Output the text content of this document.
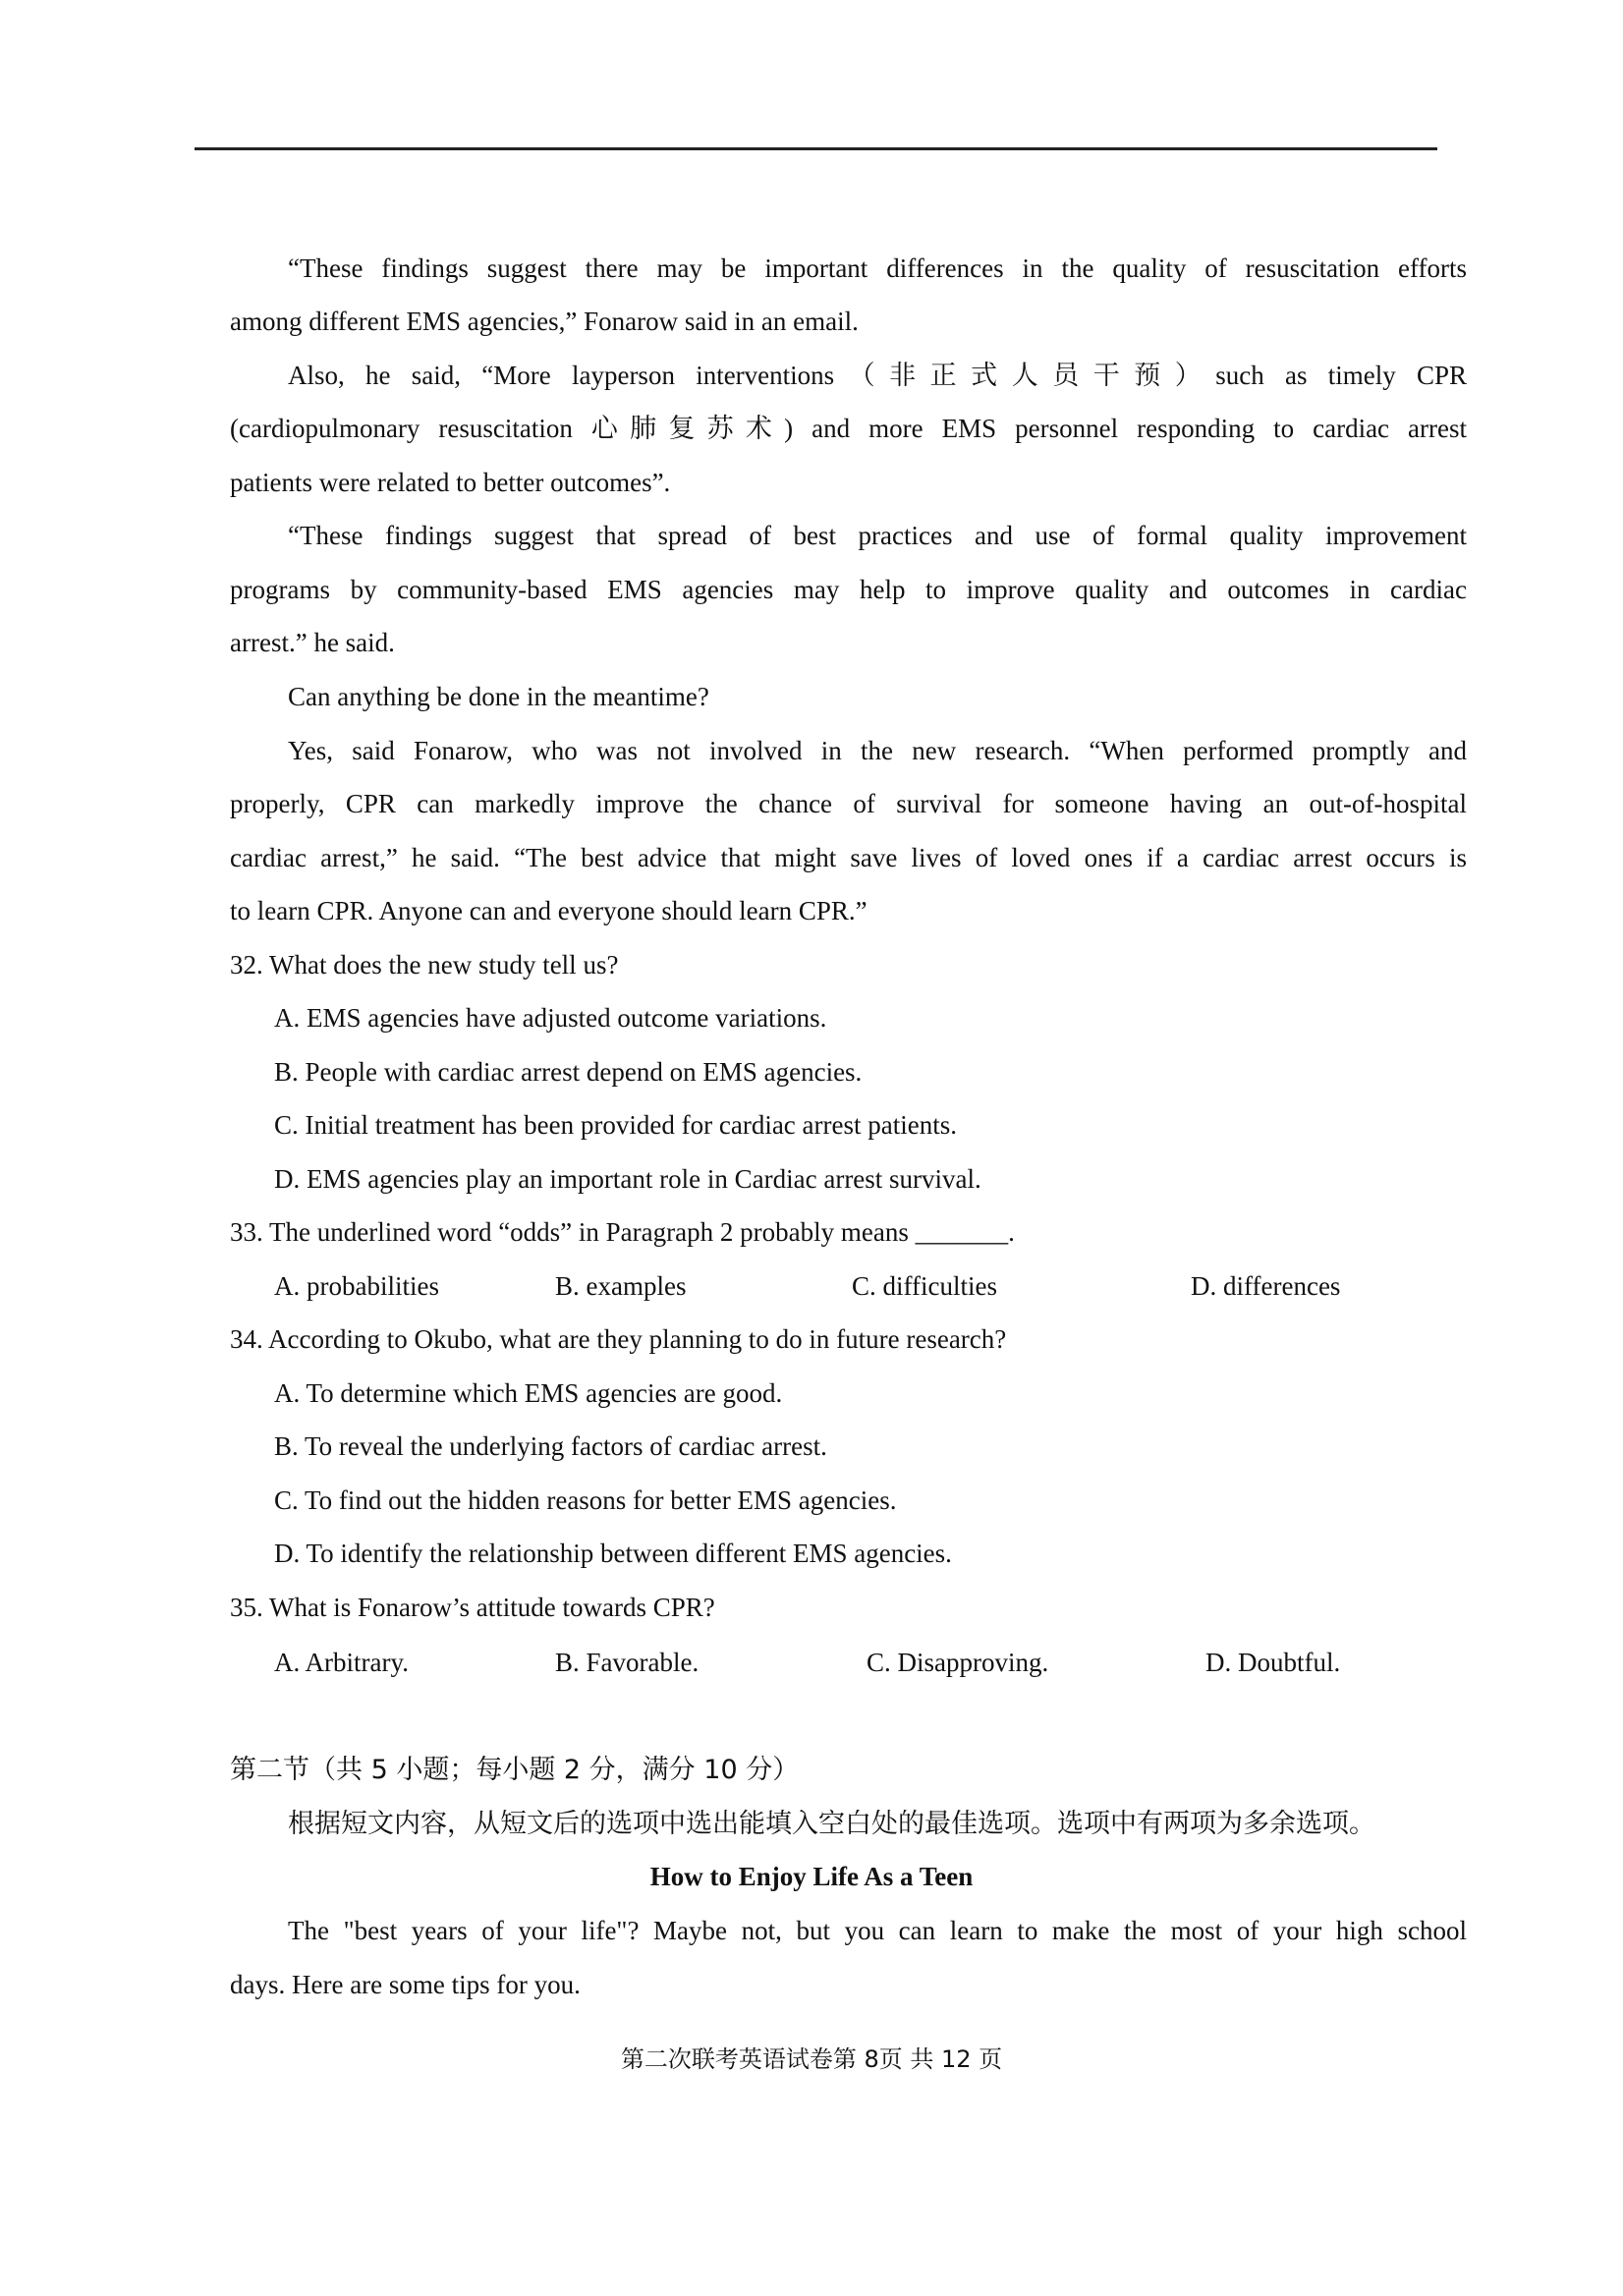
“These findings suggest there may be important differences in the quality of resuscitation efforts

among different EMS agencies,” Fonarow said in an email.

Also, he said, “More layperson interventions（非正式人员干预）such as timely CPR

(cardiopulmonary resuscitation 心肺复苏术) and more EMS personnel responding to cardiac arrest

patients were related to better outcomes”.

“These findings suggest that spread of best practices and use of formal quality improvement

programs by community-based EMS agencies may help to improve quality and outcomes in cardiac

arrest.” he said.

Can anything be done in the meantime?

Yes, said Fonarow, who was not involved in the new research. “When performed promptly and

properly, CPR can markedly improve the chance of survival for someone having an out-of-hospital

cardiac arrest,” he said. “The best advice that might save lives of loved ones if a cardiac arrest occurs is

to learn CPR. Anyone can and everyone should learn CPR.”

32. What does the new study tell us?

A. EMS agencies have adjusted outcome variations.

B. People with cardiac arrest depend on EMS agencies.

C. Initial treatment has been provided for cardiac arrest patients.

D. EMS agencies play an important role in Cardiac arrest survival.

33. The underlined word “odds” in Paragraph 2 probably means _______.

A. probabilities	B. examples	C. difficulties	D. differences

34. According to Okubo, what are they planning to do in future research?

A. To determine which EMS agencies are good.

B. To reveal the underlying factors of cardiac arrest.

C. To find out the hidden reasons for better EMS agencies.

D. To identify the relationship between different EMS agencies.

35. What is Fonarow’s attitude towards CPR?

A. Arbitrary.	B. Favorable.	C. Disapproving.	D. Doubtful.
第二节（共 5 小题；每小题 2 分，满分 10 分）
根据短文内容，从短文后的选项中选出能填入空白处的最佳选项。选项中有两项为多余选项。
How to Enjoy Life As a Teen

The "best years of your life"? Maybe not, but you can learn to make the most of your high school

days. Here are some tips for you.

第二次联考英语试卷第 8页 共 12 页
